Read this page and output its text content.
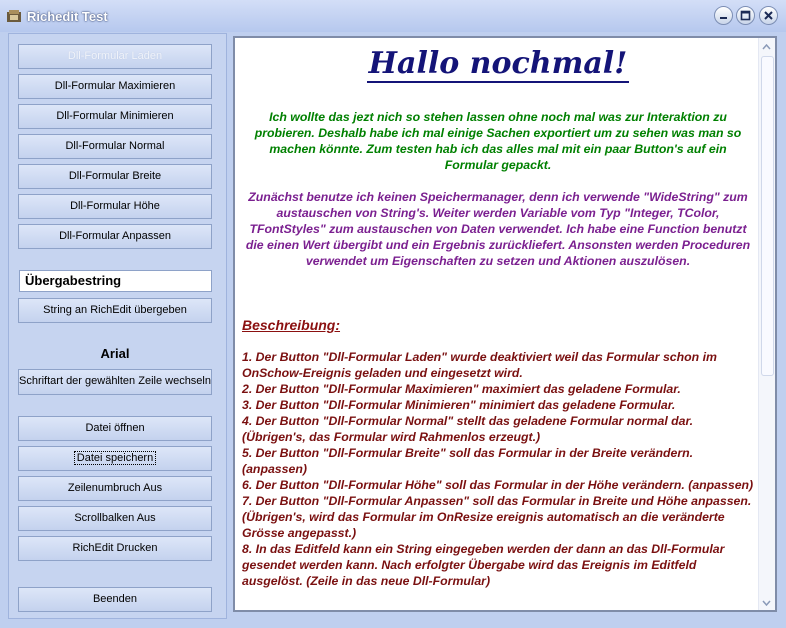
Richedit Test
Dll-Formular Laden
Dll-Formular Maximieren
Dll-Formular Minimieren
Dll-Formular Normal
Dll-Formular Breite
Dll-Formular Höhe
Dll-Formular Anpassen
Übergabestring
String an RichEdit übergeben
Arial
Schriftart der gewählten Zeile wechseln
Datei öffnen
Datei speichern
Zeilenumbruch Aus
Scrollbalken Aus
RichEdit Drucken
Beenden
Hallo nochmal!
Ich wollte das jezt nich so stehen lassen ohne noch mal was zur Interaktion zu probieren. Deshalb habe ich mal einige Sachen exportiert um zu sehen was man so machen könnte. Zum testen hab ich das alles mal mit ein paar Button's auf ein Formular gepackt.
Zunächst benutze ich keinen Speichermanager, denn ich verwende "WideString" zum austauschen von String's. Weiter werden Variable vom Typ "Integer, TColor, TFontStyles" zum austauschen von Daten verwendet. Ich habe eine Function benutzt die einen Wert übergibt und ein Ergebnis zurückliefert. Ansonsten werden Proceduren verwendet um Eigenschaften zu setzen und Aktionen auszulösen.
Beschreibung:
1. Der Button "Dll-Formular Laden" wurde deaktiviert weil das Formular schon im OnSchow-Ereignis geladen und eingesetzt wird.
2. Der Button "Dll-Formular Maximieren" maximiert das geladene Formular.
3. Der Button "Dll-Formular Minimieren" minimiert das geladene Formular.
4. Der Button "Dll-Formular Normal" stellt das geladene Formular normal dar. (Übrigen's, das Formular wird Rahmenlos erzeugt.)
5. Der Button "Dll-Formular Breite" soll das Formular in der Breite verändern. (anpassen)
6. Der Button "Dll-Formular Höhe" soll das Formular in der Höhe verändern. (anpassen)
7. Der Button "Dll-Formular Anpassen" soll das Formular in Breite und Höhe anpassen. (Übrigen's, wird das Formular im OnResize ereignis automatisch an die veränderte Grösse angepasst.)
8. In das Editfeld kann ein String eingegeben werden der dann an das Dll-Formular gesendet werden kann. Nach erfolgter Übergabe wird das Ereignis im Editfeld ausgelöst. (Zeile in das neue Dll-Formular)
